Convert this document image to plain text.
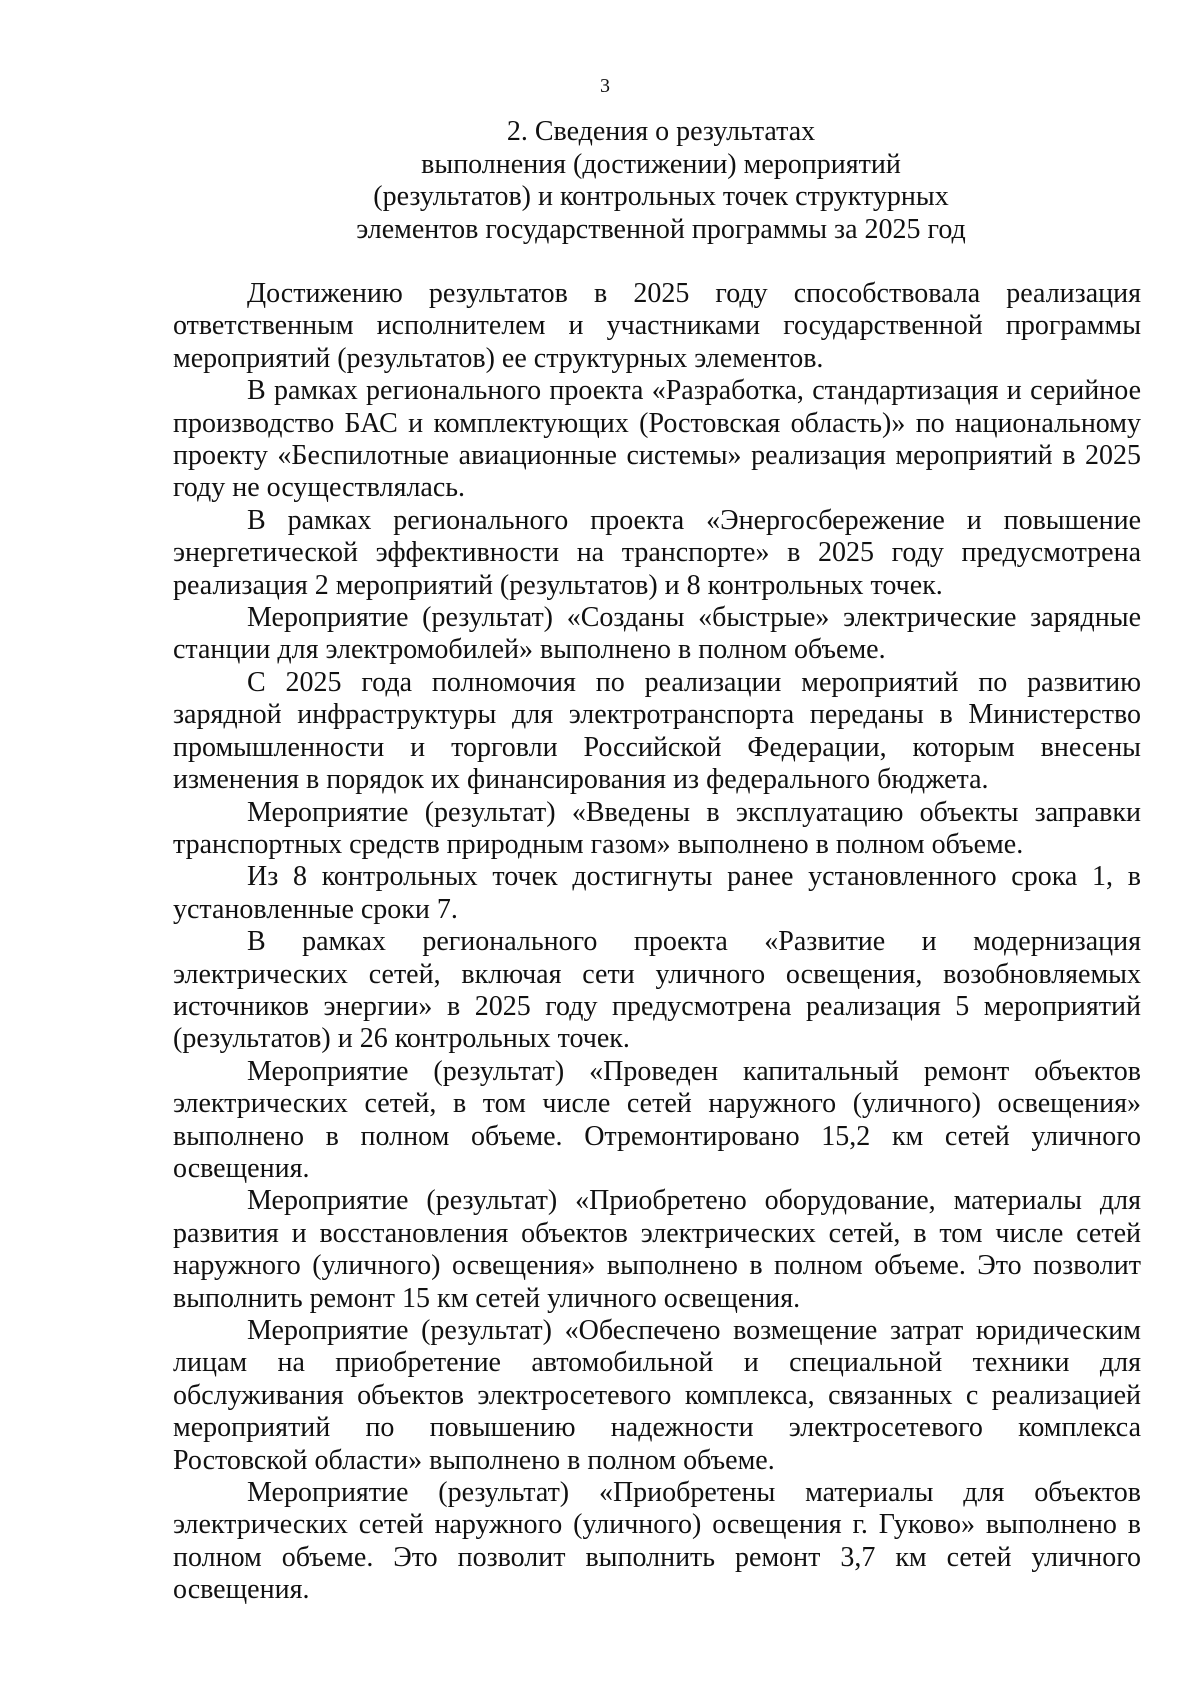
3
2. Сведения о результатах
выполнения (достижении) мероприятий
(результатов) и контрольных точек структурных
элементов государственной программы за 2025 год

Достижению результатов в 2025 году способствовала реализация ответственным исполнителем и участниками государственной программы мероприятий (результатов) ее структурных элементов.

В рамках регионального проекта «Разработка, стандартизация и серийное производство БАС и комплектующих (Ростовская область)» по национальному проекту «Беспилотные авиационные системы» реализация мероприятий в 2025 году не осуществлялась.

В рамках регионального проекта «Энергосбережение и повышение энергетической эффективности на транспорте» в 2025 году предусмотрена реализация 2 мероприятий (результатов) и 8 контрольных точек.

Мероприятие (результат) «Созданы «быстрые» электрические зарядные станции для электромобилей» выполнено в полном объеме.

С 2025 года полномочия по реализации мероприятий по развитию зарядной инфраструктуры для электротранспорта переданы в Министерство промышленности и торговли Российской Федерации, которым внесены изменения в порядок их финансирования из федерального бюджета.

Мероприятие (результат) «Введены в эксплуатацию объекты заправки транспортных средств природным газом» выполнено в полном объеме.

Из 8 контрольных точек достигнуты ранее установленного срока 1, в установленные сроки 7.

В рамках регионального проекта «Развитие и модернизация электрических сетей, включая сети уличного освещения, возобновляемых источников энергии» в 2025 году предусмотрена реализация 5 мероприятий (результатов) и 26 контрольных точек.

Мероприятие (результат) «Проведен капитальный ремонт объектов электрических сетей, в том числе сетей наружного (уличного) освещения» выполнено в полном объеме. Отремонтировано 15,2 км сетей уличного освещения.

Мероприятие (результат) «Приобретено оборудование, материалы для развития и восстановления объектов электрических сетей, в том числе сетей наружного (уличного) освещения» выполнено в полном объеме. Это позволит выполнить ремонт 15 км сетей уличного освещения.

Мероприятие (результат) «Обеспечено возмещение затрат юридическим лицам на приобретение автомобильной и специальной техники для обслуживания объектов электросетевого комплекса, связанных с реализацией мероприятий по повышению надежности электросетевого комплекса Ростовской области» выполнено в полном объеме.

Мероприятие (результат) «Приобретены материалы для объектов электрических сетей наружного (уличного) освещения г. Гуково» выполнено в полном объеме. Это позволит выполнить ремонт 3,7 км сетей уличного освещения.
